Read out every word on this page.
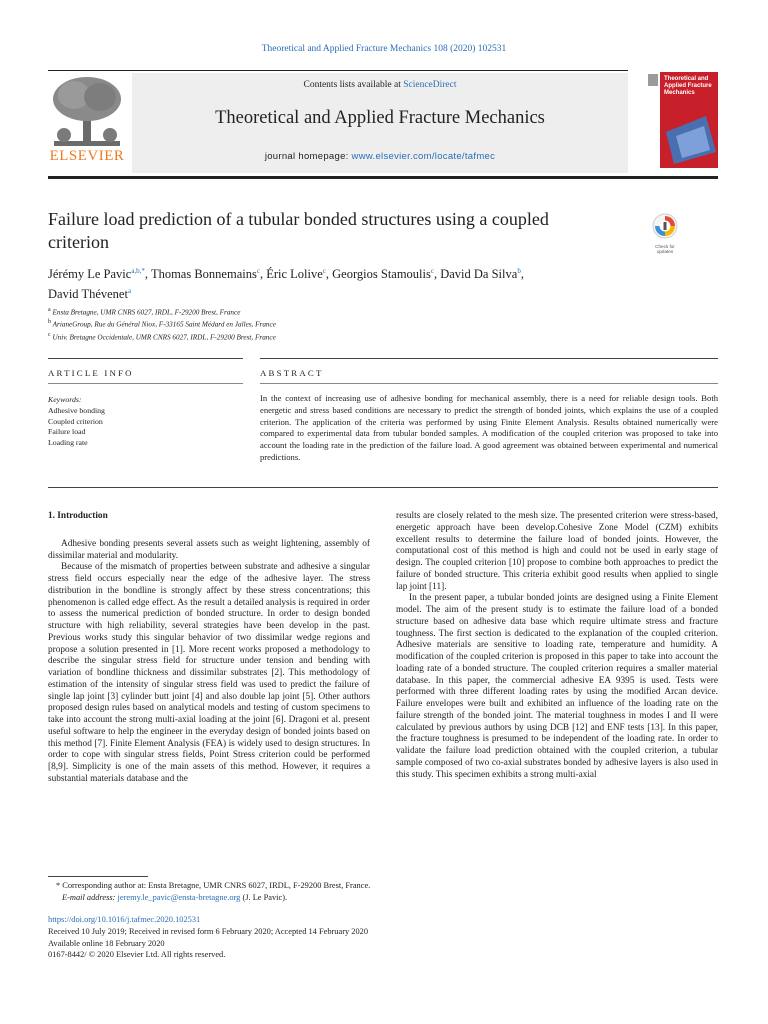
Theoretical and Applied Fracture Mechanics 108 (2020) 102531
ELSEVIER
Contents lists available at ScienceDirect
Theoretical and Applied Fracture Mechanics
journal homepage: www.elsevier.com/locate/tafmec
Theoretical and Applied Fracture Mechanics
Failure load prediction of a tubular bonded structures using a coupled criterion	Check for
updates
Jérémy Le Pavic$^{a,b,*}$, Thomas Bonnemains$^c$, Éric Lolive$^c$, Georgios Stamoulis$^c$, David Da Silva$^b$,
David Thévenet$^a$
$^a$ Ensta Bretagne, UMR CNRS 6027, IRDL, F-29200 Brest, France
$^b$ ArianeGroup, Rue du Général Niox, F-33165 Saint Médard en Jalles, France
$^c$ Univ. Bretagne Occidentale, UMR CNRS 6027, IRDL, F-29200 Brest, France
ARTICLE INFO	ABSTRACT
Keywords:
Adhesive bonding
Coupled criterion
Failure load
Loading rate
In the context of increasing use of adhesive bonding for mechanical assembly, there is a need for reliable design tools. Both energetic and stress based conditions are necessary to predict the strength of bonded joints, which explains the use of a coupled criterion. The application of the criteria was performed by using Finite Element Analysis. Results obtained numerically were compared to experimental data from tubular bonded samples. A modification of the coupled criterion was proposed to take into account the loading rate in the prediction of the failure load. A good agreement was obtained between experimental and numerical predictions.
1. Introduction

Adhesive bonding presents several assets such as weight lightening, assembly of dissimilar material and modularity.

Because of the mismatch of properties between substrate and adhesive a singular stress field occurs especially near the edge of the adhesive layer. The stress distribution in the bondline is strongly affect by these stress concentrations; this phenomenon is called edge effect. As the result a detailed analysis is required in order to assess the numerical prediction of bonded structure. In order to design bonded structure with high reliability, several strategies have been develop in the past. Previous works study this singular behavior of two dissimilar wedge regions and propose a solution presented in [1]. More recent works proposed a methodology to describe the singular stress field for structure under tension and bending with variation of bondline thickness and dissimilar substrates [2]. This methodology of estimation of the intensity of singular stress field was used to predict the failure of single lap joint [3] cylinder butt joint [4] and also double lap joint [5]. Other authors proposed design rules based on analytical models and testing of custom specimens to take into account the strong multi-axial loading at the joint [6]. Dragoni et al. present useful software to help the engineer in the everyday design of bonded joints based on this method [7]. Finite Element Analysis (FEA) is widely used to design structures. In order to cope with singular stress fields, Point Stress criterion could be performed [8,9]. Simplicity is one of the main assets of this method. However, it requires a substantial materials database and the

results are closely related to the mesh size. The presented criterion were stress-based, energetic approach have been develop.Cohesive Zone Model (CZM) exhibits excellent results to determine the failure load of bonded joints. However, the computational cost of this method is high and could not be used in early stage of design. The coupled criterion [10] propose to combine both approaches to predict the failure of bonded structure. This criteria exhibit good results when applied to single lap joint [11].

In the present paper, a tubular bonded joints are designed using a Finite Element model. The aim of the present study is to estimate the failure load of a bonded structure based on adhesive data base which require ultimate stress and fracture toughness. The first section is dedicated to the explanation of the coupled criterion. Adhesive materials are sensitive to loading rate, temperature and humidity. A modification of the coupled criterion is proposed in this paper to take into account the loading rate of a bonded structure. The coupled criterion requires a smaller material database. In this paper, the commercial adhesive EA 9395 is used. Tests were performed with three different loading rates by using the modified Arcan device. Failure envelopes were built and exhibited an influence of the loading rate on the failure strength of the bonded joint. The material toughness in modes I and II were calculated by previous authors by using DCB [12] and ENF tests [13]. In this paper, the fracture toughness is presumed to be independent of the loading rate. In order to validate the failure load prediction obtained with the coupled criterion, a tubular sample composed of two co-axial substrates bonded by adhesive layers is also used in this study. This specimen exhibits a strong multi-axial

* Corresponding author at: Ensta Bretagne, UMR CNRS 6027, IRDL, F-29200 Brest, France.
E-mail address: jeremy.le_pavic@ensta-bretagne.org (J. Le Pavic).
https://doi.org/10.1016/j.tafmec.2020.102531
Received 10 July 2019; Received in revised form 6 February 2020; Accepted 14 February 2020
Available online 18 February 2020
0167-8442/ © 2020 Elsevier Ltd. All rights reserved.
